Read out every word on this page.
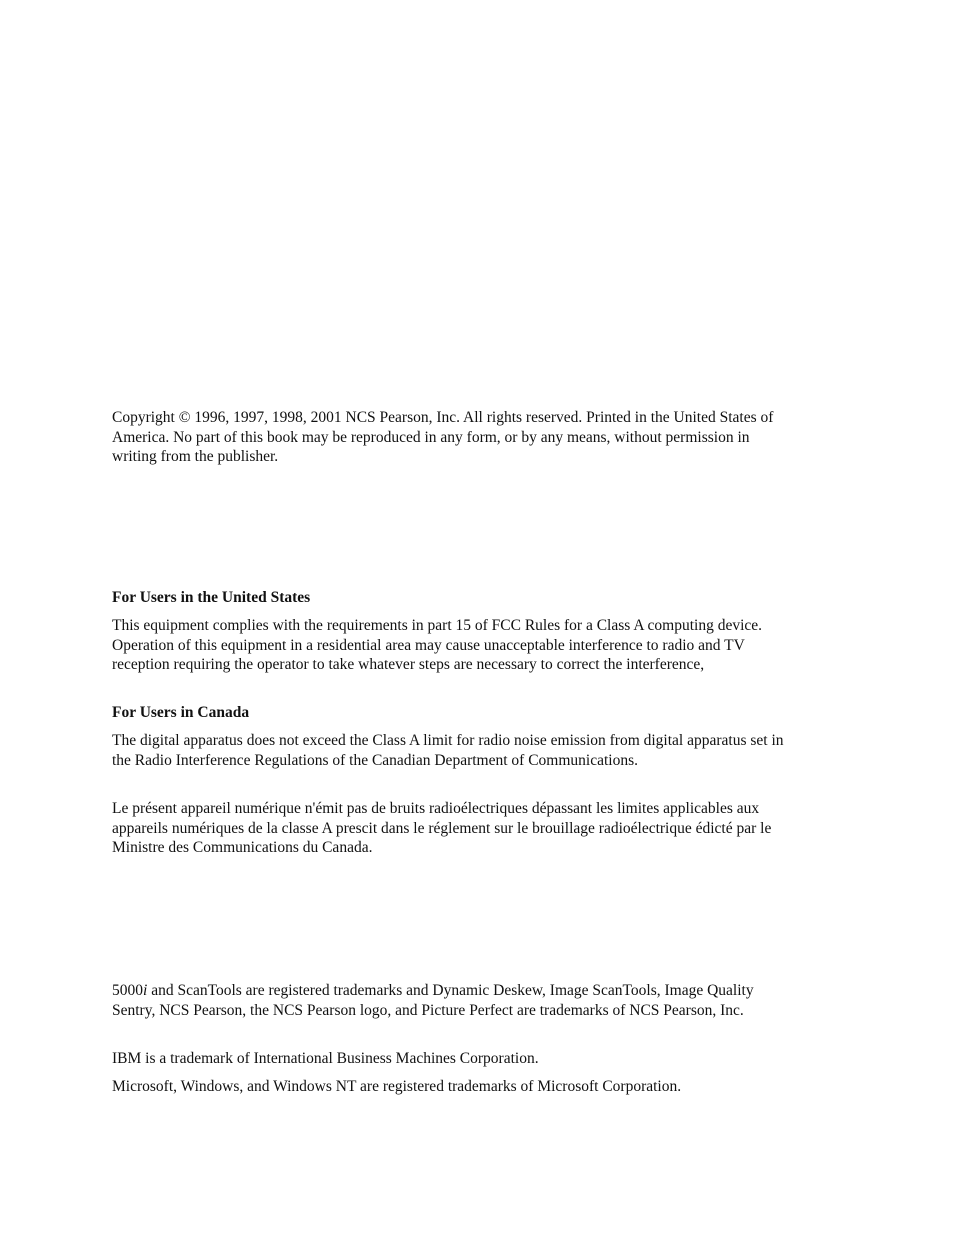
Copyright © 1996, 1997, 1998, 2001 NCS Pearson, Inc. All rights reserved. Printed in the United States of America. No part of this book may be reproduced in any form, or by any means, without permission in writing from the publisher.

For Users in the United States

This equipment complies with the requirements in part 15 of FCC Rules for a Class A computing device. Operation of this equipment in a residential area may cause unacceptable interference to radio and TV reception requiring the operator to take whatever steps are necessary to correct the interference,

For Users in Canada

The digital apparatus does not exceed the Class A limit for radio noise emission from digital apparatus set in the Radio Interference Regulations of the Canadian Department of Communications.

Le présent appareil numérique n'émit pas de bruits radioélectriques dépassant les limites applicables aux appareils numériques de la classe A prescit dans le réglement sur le brouillage radioélectrique édicté par le Ministre des Communications du Canada.

5000i and ScanTools are registered trademarks and Dynamic Deskew, Image ScanTools, Image Quality Sentry, NCS Pearson, the NCS Pearson logo, and Picture Perfect are trademarks of NCS Pearson, Inc.

IBM is a trademark of International Business Machines Corporation.

Microsoft, Windows, and Windows NT are registered trademarks of Microsoft Corporation.
